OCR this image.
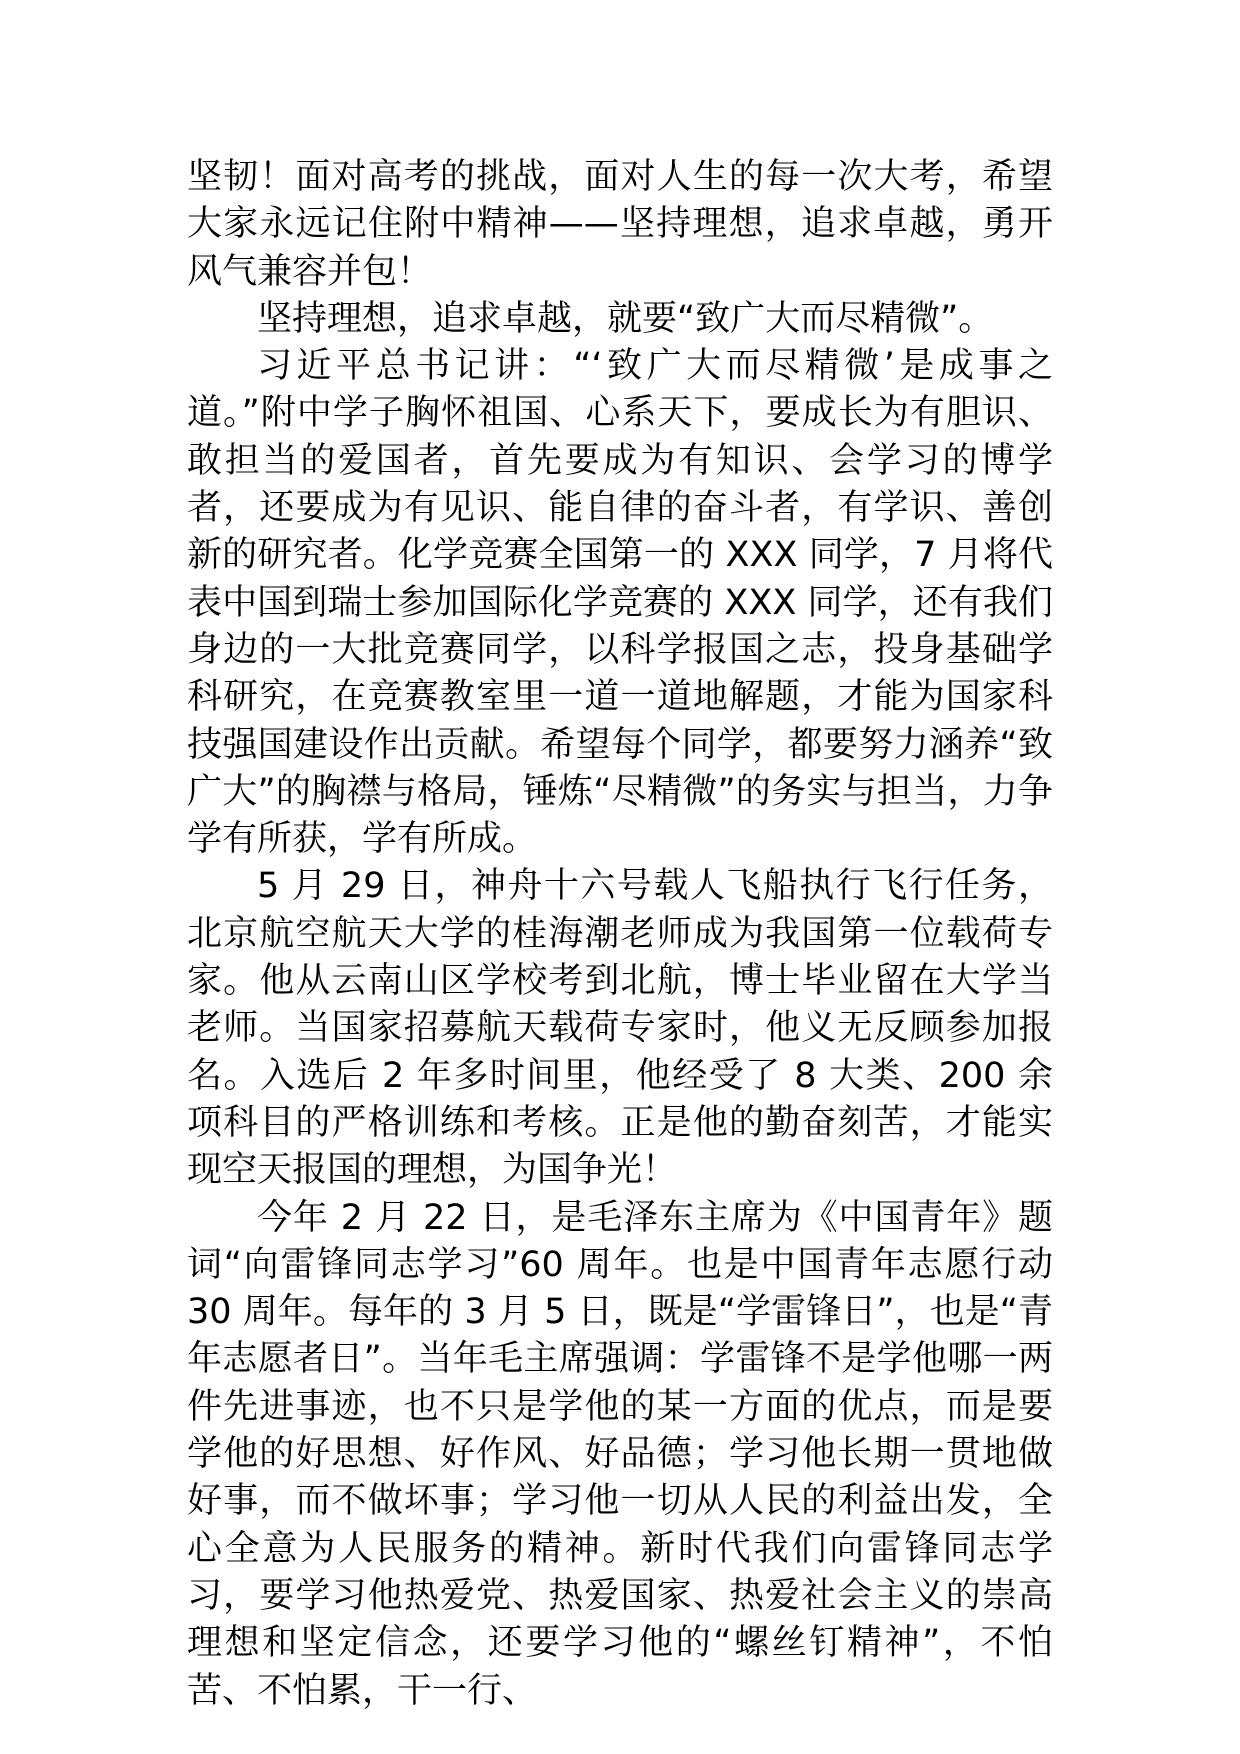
坚韧！面对高考的挑战，面对人生的每一次大考，希望大家永远记住附中精神——坚持理想，追求卓越，勇开风气兼容并包！

坚持理想，追求卓越，就要“致广大而尽精微”。

习近平总书记讲：“‘致广大而尽精微’是成事之道。”附中学子胸怀祖国、心系天下，要成长为有胆识、敢担当的爱国者，首先要成为有知识、会学习的博学者，还要成为有见识、能自律的奋斗者，有学识、善创新的研究者。化学竞赛全国第一的 XXX 同学，7 月将代表中国到瑞士参加国际化学竞赛的 XXX 同学，还有我们身边的一大批竞赛同学，以科学报国之志，投身基础学科研究，在竞赛教室里一道一道地解题，才能为国家科技强国建设作出贡献。希望每个同学，都要努力涵养“致广大”的胸襟与格局，锤炼“尽精微”的务实与担当，力争学有所获，学有所成。

5 月 29 日，神舟十六号载人飞船执行飞行任务，北京航空航天大学的桂海潮老师成为我国第一位载荷专家。他从云南山区学校考到北航，博士毕业留在大学当老师。当国家招募航天载荷专家时，他义无反顾参加报名。入选后 2 年多时间里，他经受了 8 大类、200 余项科目的严格训练和考核。正是他的勤奋刻苦，才能实现空天报国的理想，为国争光！

今年 2 月 22 日，是毛泽东主席为《中国青年》题词“向雷锋同志学习”60 周年。也是中国青年志愿行动 30 周年。每年的 3 月 5 日，既是“学雷锋日”，也是“青年志愿者日”。当年毛主席强调：学雷锋不是学他哪一两件先进事迹，也不只是学他的某一方面的优点，而是要学他的好思想、好作风、好品德；学习他长期一贯地做好事，而不做坏事；学习他一切从人民的利益出发，全心全意为人民服务的精神。新时代我们向雷锋同志学习，要学习他热爱党、热爱国家、热爱社会主义的崇高理想和坚定信念，还要学习他的“螺丝钉精神”，不怕苦、不怕累，干一行、
